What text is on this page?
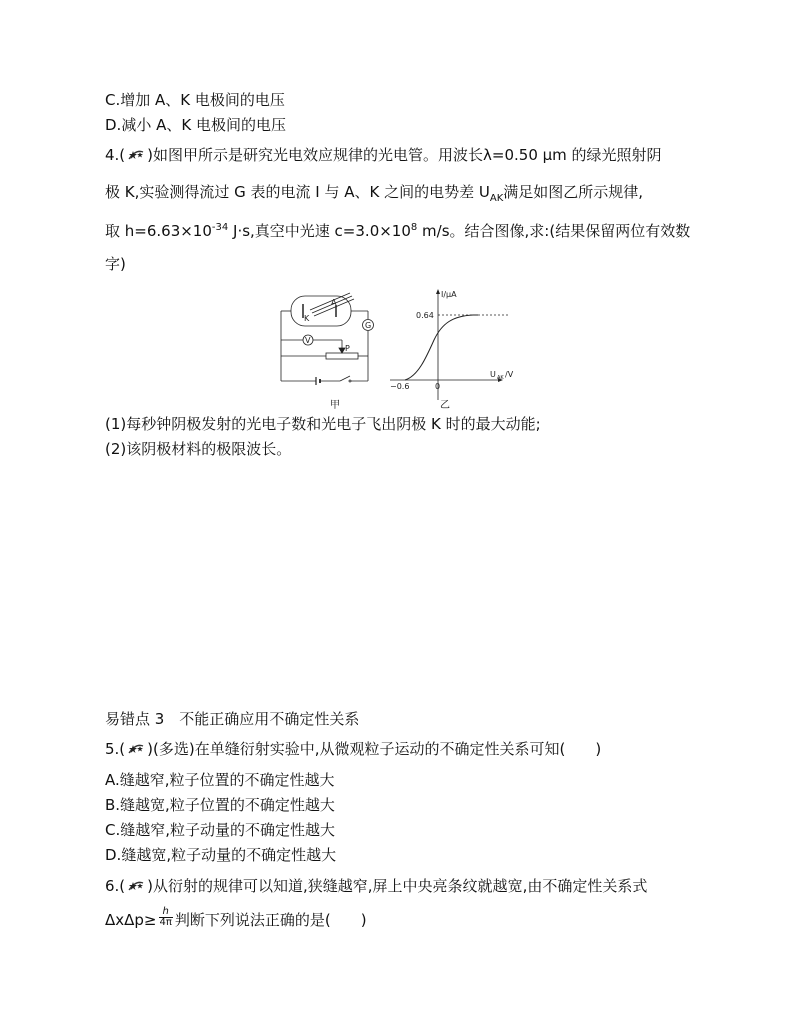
C.增加 A、K 电极间的电压
D.减小 A、K 电极间的电压
4.( )如图甲所示是研究光电效应规律的光电管。用波长λ=0.50 μm 的绿光照射阴
极 K,实验测得流过 G 表的电流 I 与 A、K 之间的电势差 $U_{AK}$满足如图乙所示规律,
取 $h=6.63\times 10^{-34}$ J·s,真空中光速 $c=3.0\times 10^8$ m/s。结合图像,求:(结果保留两位有效数
字)
K
A
G
V
P
I/μA
0.64
−0.6	0
U AK /V
甲	乙
(1)每秒钟阴极发射的光电子数和光电子飞出阴极 K 时的最大动能;
(2)该阴极材料的极限波长。
易错点 3　不能正确应用不确定性关系
5.( )(多选)在单缝衍射实验中,从微观粒子运动的不确定性关系可知(　　)
A.缝越窄,粒子位置的不确定性越大
B.缝越宽,粒子位置的不确定性越大
C.缝越窄,粒子动量的不确定性越大
D.缝越宽,粒子动量的不确定性越大
6.( )从衍射的规律可以知道,狭缝越窄,屏上中央亮条纹就越宽,由不确定性关系式
$\Delta x\Delta p\ge \frac{h}{4\pi}$ 判断下列说法正确的是(　　)
